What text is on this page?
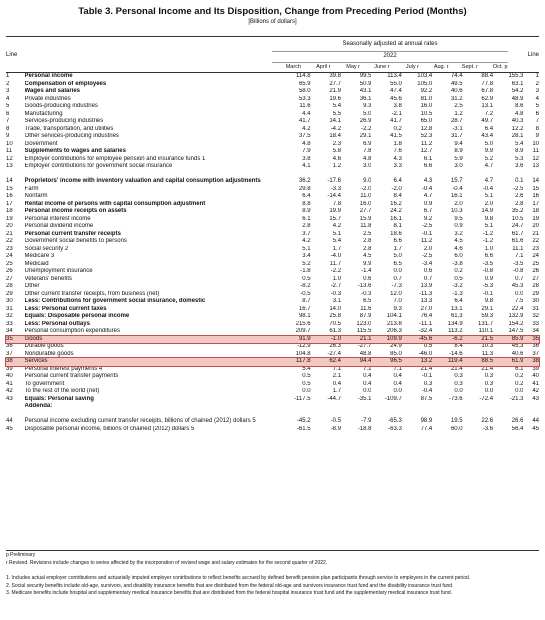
Table 3. Personal Income and Its Disposition, Change from Preceding Period (Months)
[Billions of dollars]
Line	Line
Seasonally adjusted at annual rates
2022
March	April r	May r	June r	July r	Aug. r	Sept. r	Oct. p
1	Personal income	114.8	39.8	99.5	113.4	103.4	74.4	88.4	155.3	1
2	Compensation of employees	65.9	27.7	50.9	55.0	105.0	49.5	77.8	63.1	2
3	Wages and salaries	58.0	21.9	43.1	47.4	92.2	40.6	67.8	54.2	3
4	Private industries	53.3	19.6	36.1	45.6	81.0	31.2	62.9	48.9	4
5	Goods-producing industries	11.6	5.4	9.3	3.8	16.0	2.5	13.1	8.6	5
6	Manufacturing	4.4	5.5	5.0	-2.1	10.5	1.2	7.2	4.8	6
7	Services-producing industries	41.7	14.1	26.9	41.7	65.0	28.7	49.7	40.3	7
8	Trade, transportation, and utilities	4.2	-4.2	-2.2	0.2	12.8	-3.1	6.4	12.2	8
9	Other services-producing industries	37.5	18.4	29.1	41.5	52.3	31.7	43.4	28.1	9
10	Government	4.8	2.3	6.9	1.8	11.2	9.4	5.0	5.4	10
11	Supplements to wages and salaries	7.9	5.8	7.8	7.6	12.7	8.9	9.9	8.9	11
12	Employer contributions for employee pension and insurance funds 1	3.8	4.6	4.8	4.3	6.1	5.9	5.2	5.3	12
13	Employer contributions for government social insurance	4.1	1.2	3.0	3.3	6.6	3.0	4.7	3.6	13
14	Proprietors' income with inventory valuation and capital consumption adjustments	36.2	-17.6	9.0	6.4	4.3	15.7	4.7	0.1	14
15	Farm	29.8	-3.3	-2.0	-2.0	-0.4	-0.4	-0.4	-2.5	15
16	Nonfarm	6.4	-14.4	11.0	8.4	4.7	16.1	5.1	2.6	16
17	Rental income of persons with capital consumption adjustment	8.8	7.8	16.0	16.2	0.9	2.0	2.0	2.8	17
18	Personal income receipts on assets	8.9	19.9	27.7	24.2	6.7	10.3	14.9	35.2	18
19	Personal interest income	6.1	15.7	15.9	16.1	9.2	9.5	9.8	10.5	19
20	Personal dividend income	2.8	4.2	11.8	8.1	-2.5	0.9	5.1	24.7	20
21	Personal current transfer receipts	3.7	5.1	2.5	18.6	-0.1	3.2	-1.2	61.7	21
22	Government social benefits to persons	4.2	5.4	2.8	6.6	11.2	4.5	-1.2	61.6	22
23	Social security 2	5.1	1.7	2.8	1.7	2.0	4.6	1.0	11.1	23
24	Medicare 3	3.4	-4.0	4.5	5.0	-2.5	6.0	6.6	7.1	24
25	Medicaid	5.2	11.7	9.9	6.5	-3.4	-3.8	-3.5	-3.5	25
26	Unemployment insurance	-1.8	-2.2	-1.4	0.0	0.6	0.2	-0.8	-0.8	26
27	Veterans' benefits	0.5	1.0	0.6	0.7	0.7	0.5	0.9	0.7	27
28	Other	-8.2	-2.7	-13.6	-7.3	13.9	-3.2	-5.3	45.3	28
29	Other current transfer receipts, from business (net)	-0.5	-0.3	-0.3	12.0	-11.3	-1.3	-0.1	0.0	29
30	Less: Contributions for government social insurance, domestic	8.7	3.1	6.5	7.0	13.3	6.4	9.8	7.5	30
31	Less: Personal current taxes	16.7	14.0	11.6	9.3	27.0	13.1	29.1	22.4	31
32	Equals: Disposable personal income	98.1	25.8	87.9	104.1	76.4	61.3	59.3	132.9	32
33	Less: Personal outlays	215.6	70.5	123.0	213.8	-11.1	134.9	131.7	154.2	33
34	Personal consumption expenditures	209.7	61.3	115.5	206.3	-32.4	113.2	110.1	147.5	34
35	Goods	91.9	-1.0	21.1	109.9	-45.6	-6.2	21.5	85.9	35
36	Durable goods	-12.9	26.3	-27.7	24.9	0.5	8.4	10.3	45.3	36
37	Nondurable goods	104.8	-27.4	48.8	85.0	-46.0	-14.6	11.3	40.6	37
38	Services	117.8	62.4	94.4	96.5	13.2	119.4	88.5	61.9	38
39	Personal interest payments 4	5.4	7.1	7.1	7.1	21.4	21.4	21.4	6.1	39
40	Personal current transfer payments	0.5	2.1	0.4	0.4	-0.1	0.3	0.3	0.2	40
41	To government	0.5	0.4	0.4	0.4	0.3	0.3	0.3	0.2	41
42	To the rest of the world (net)	0.0	1.7	0.0	0.0	-0.4	0.0	0.0	0.0	42
43	Equals: Personal saving	-117.5	-44.7	-35.1	-109.7	87.5	-73.6	-72.4	-21.3	43
	Addenda:									
44	Personal income excluding current transfer receipts, billions of chained (2012) dollars 5	-45.2	-0.5	-7.9	-65.3	98.9	19.5	22.6	26.6	44
45	Disposable personal income, billions of chained (2012) dollars 5	-61.5	-8.9	-18.8	-63.3	77.4	60.0	-3.6	56.4	45
p Preliminary
r Revised. Revisions include changes to series affected by the incorporation of revised wage and salary estimates for the second quarter of 2022.
1. Includes actual employer contributions and actuarially imputed employer contributions to reflect benefits accrued by defined benefit pension plan participants through service to employers in the current period.
2. Social security benefits include old-age, survivors, and disability insurance benefits that are distributed from the federal old-age and survivors insurance trust fund and the disability insurance trust fund.
3. Medicare benefits include hospital and supplementary medical insurance benefits that are distributed from the federal hospital insurance trust fund and the supplementary medical insurance trust fund.
